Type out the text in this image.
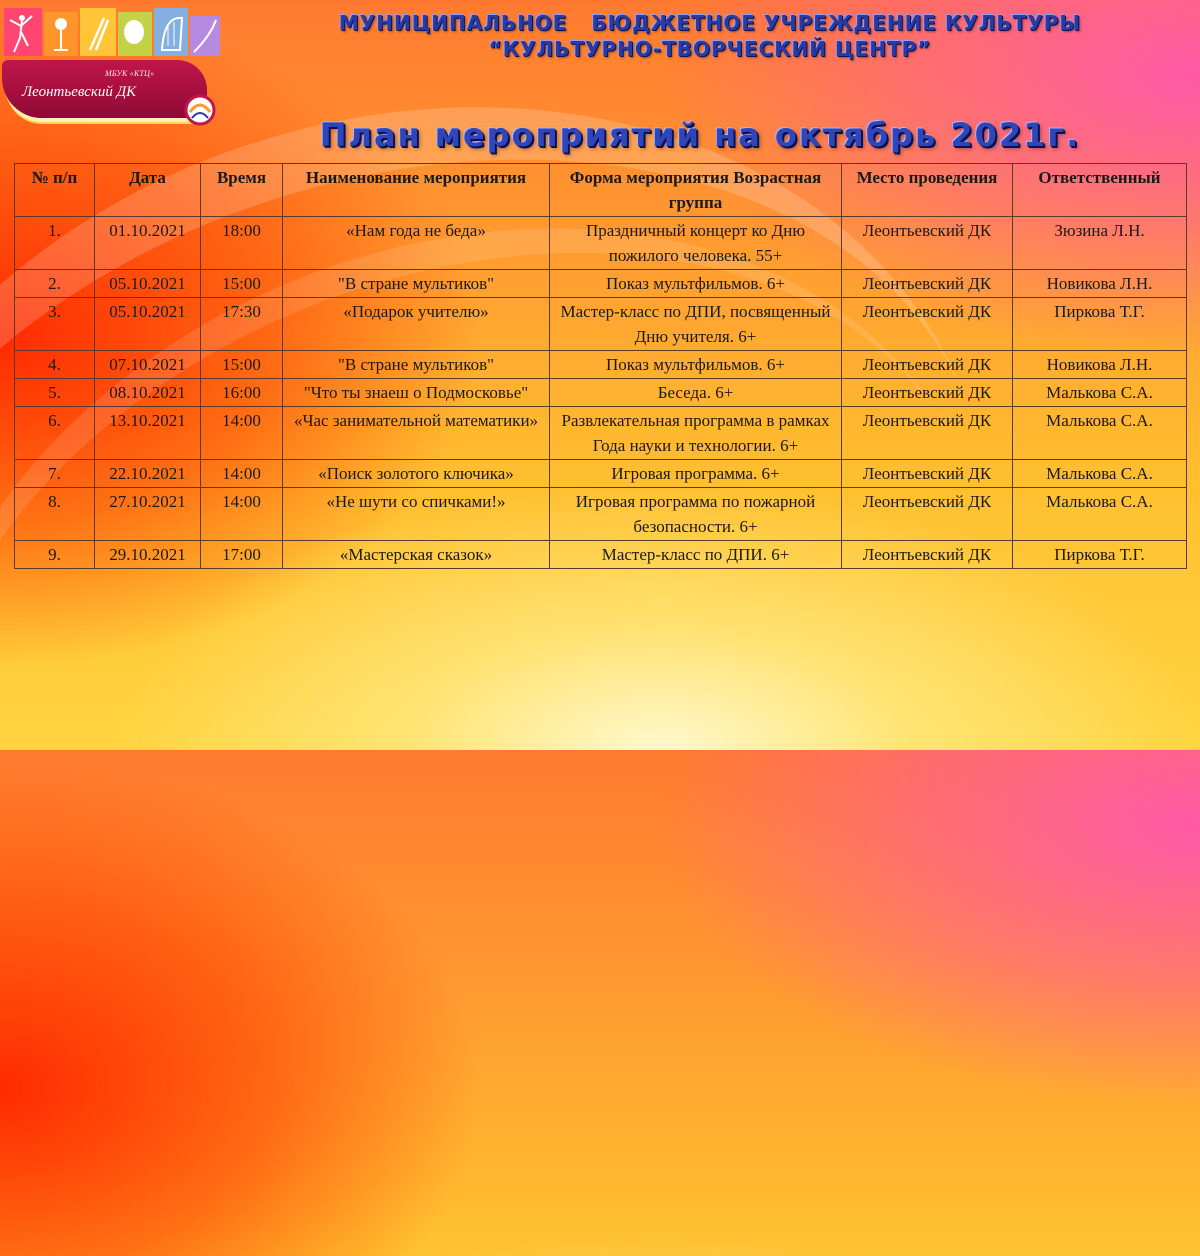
МБУК «КТЦ»
Леонтьевский ДК
МУНИЦИПАЛЬНОЕ   БЮДЖЕТНОЕ УЧРЕЖДЕНИЕ КУЛЬТУРЫ
“КУЛЬТУРНО-ТВОРЧЕСКИЙ ЦЕНТР”
План мероприятий на октябрь 2021г.
№ п/п	Дата	Время	Наименование мероприятия	Форма мероприятия Возрастная группа	Место проведения	Ответственный
1.	01.10.2021	18:00	«Нам года не беда»	Праздничный концерт ко Дню пожилого человека. 55+	Леонтьевский ДК	Зюзина Л.Н.
2.	05.10.2021	15:00	"В стране мультиков"	Показ мультфильмов. 6+	Леонтьевский ДК	Новикова Л.Н.
3.	05.10.2021	17:30	«Подарок учителю»	Мастер-класс по ДПИ, посвященный Дню учителя. 6+	Леонтьевский ДК	Пиркова Т.Г.
4.	07.10.2021	15:00	"В стране мультиков"	Показ мультфильмов. 6+	Леонтьевский ДК	Новикова Л.Н.
5.	08.10.2021	16:00	"Что ты знаеш о Подмосковье"	Беседа. 6+	Леонтьевский ДК	Малькова С.А.
6.	13.10.2021	14:00	«Час занимательной математики»	Развлекательная программа в рамках Года науки и технологии. 6+	Леонтьевский ДК	Малькова С.А.
7.	22.10.2021	14:00	«Поиск золотого ключика»	Игровая программа. 6+	Леонтьевский ДК	Малькова С.А.
8.	27.10.2021	14:00	«Не шути со спичками!»	Игровая программа по пожарной безопасности. 6+	Леонтьевский ДК	Малькова С.А.
9.	29.10.2021	17:00	«Мастерская сказок»	Мастер-класс по ДПИ. 6+	Леонтьевский ДК	Пиркова Т.Г.
